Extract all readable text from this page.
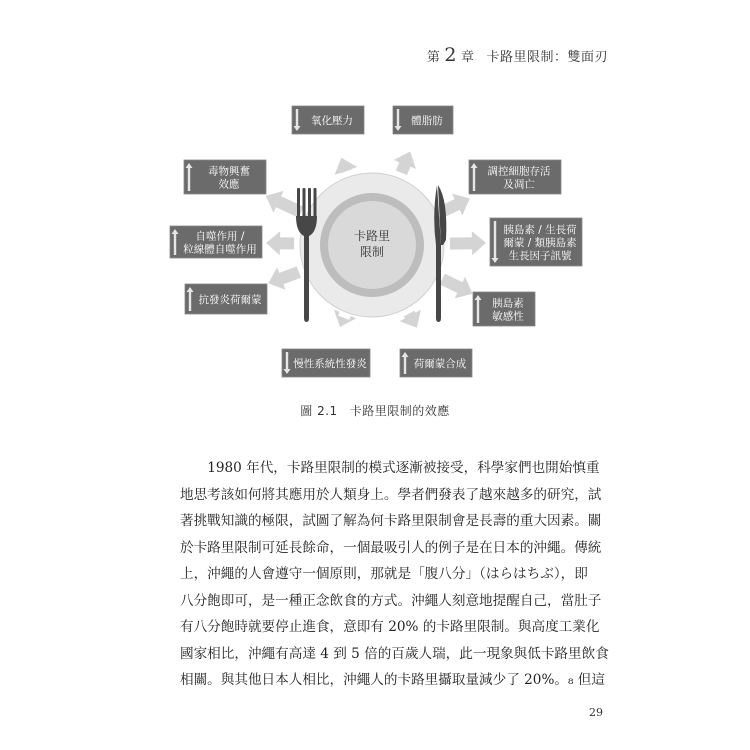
第 2 章 卡路里限制：雙面刃
卡路里
限制
氧化壓力	體脂肪
調控細胞存活
及凋亡
胰島素 / 生長荷
爾蒙 / 類胰島素
生長因子訊號
胰島素
敏感性
荷爾蒙合成
慢性系統性發炎
抗發炎荷爾蒙
自噬作用 /
粒線體自噬作用
毒物興奮
效應
圖 2.1 卡路里限制的效應
1980 年代，卡路里限制的模式逐漸被接受，科學家們也開始慎重
地思考該如何將其應用於人類身上。學者們發表了越來越多的研究，試
著挑戰知識的極限，試圖了解為何卡路里限制會是長壽的重大因素。關
於卡路里限制可延長餘命，一個最吸引人的例子是在日本的沖繩。傳統
上，沖繩的人會遵守一個原則，那就是「腹八分」（はらはちぶ），即
八分飽即可，是一種正念飲食的方式。沖繩人刻意地提醒自己，當肚子
有八分飽時就要停止進食，意即有 20% 的卡路里限制。與高度工業化
國家相比，沖繩有高達 4 到 5 倍的百歲人瑞，此一現象與低卡路里飲食
相關。與其他日本人相比，沖繩人的卡路里攝取量減少了 20%。₈ 但這
29
